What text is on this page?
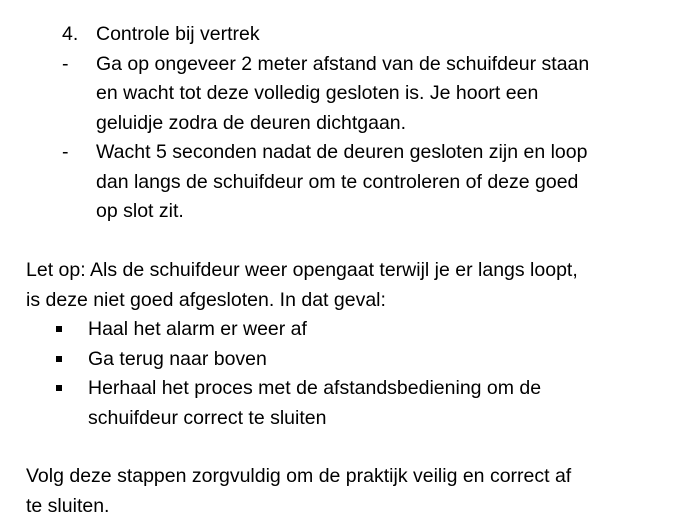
4. Controle bij vertrek
-	Ga op ongeveer 2 meter afstand van de schuifdeur staan
en wacht tot deze volledig gesloten is. Je hoort een
geluidje zodra de deuren dichtgaan.
-	Wacht 5 seconden nadat de deuren gesloten zijn en loop
dan langs de schuifdeur om te controleren of deze goed
op slot zit.
Let op: Als de schuifdeur weer opengaat terwijl je er langs loopt,
is deze niet goed afgesloten. In dat geval:
Haal het alarm er weer af
Ga terug naar boven
Herhaal het proces met de afstandsbediening om de
schuifdeur correct te sluiten
Volg deze stappen zorgvuldig om de praktijk veilig en correct af
te sluiten.
